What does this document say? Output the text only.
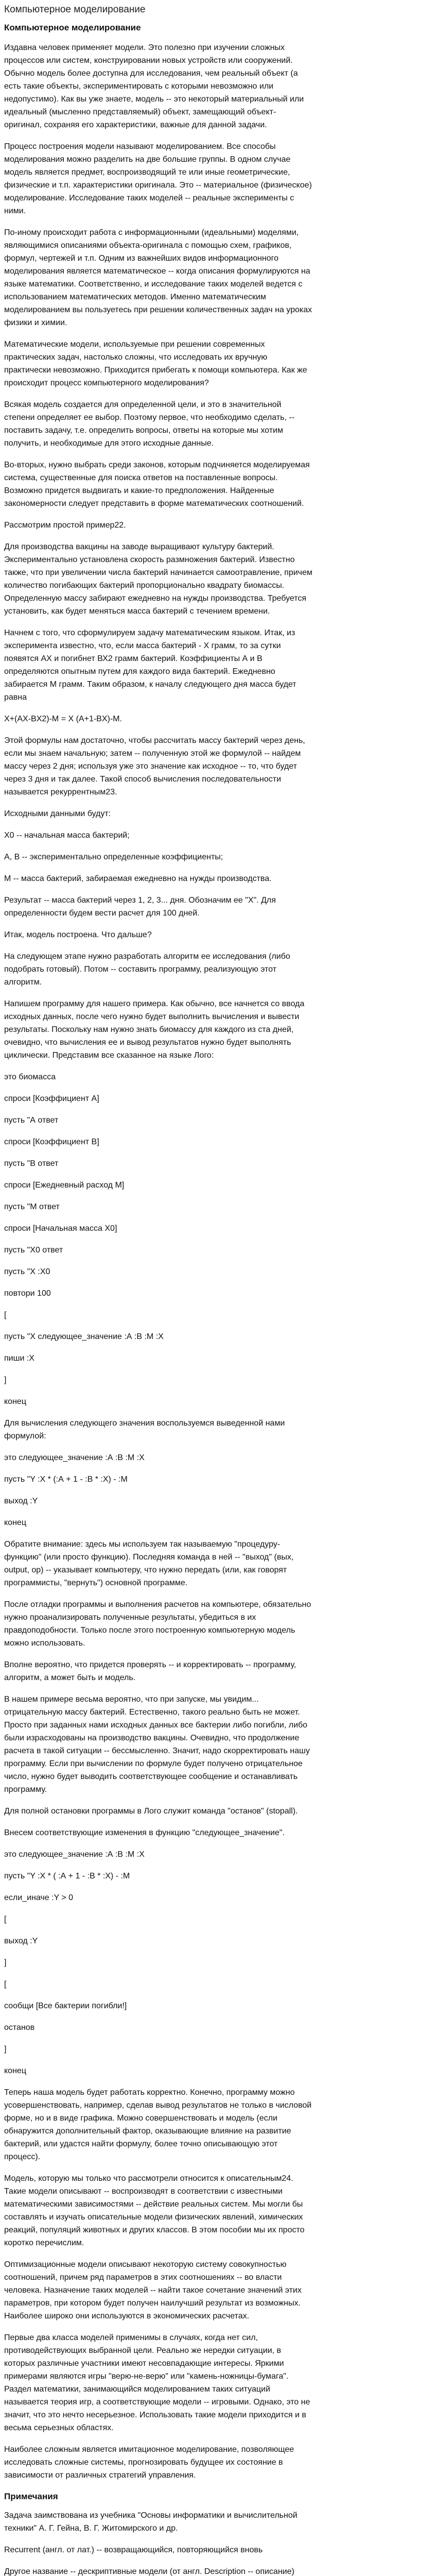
Компьютерное моделирование
Компьютерное моделирование

Издавна человек применяет модели. Это полезно при изучении сложных процессов или систем, конструировании новых устройств или сооружений. Обычно модель более доступна для исследования, чем реальный объект (а есть такие объекты, экспериментировать с которыми невозможно или недопустимо). Как вы уже знаете, модель -- это некоторый материальный или идеальный (мысленно представляемый) объект, замещающий объект-оригинал, сохраняя его характеристики, важные для данной задачи.

Процесс построения модели называют моделированием. Все способы моделирования можно разделить на две большие группы. В одном случае модель является предмет, воспроизводящий те или иные геометрические, физические и т.п. характеристики оригинала. Это -- материальное (физическое) моделирование. Исследование таких моделей -- реальные эксперименты с ними.

По-иному происходит работа с информационными (идеальными) моделями, являющимися описаниями объекта-оригинала с помощью схем, графиков, формул, чертежей и т.п. Одним из важнейших видов информационного моделирования является математическое -- когда описания формулируются на языке математики. Соответственно, и исследование таких моделей ведется с использованием математических методов. Именно математическим моделированием вы пользуетесь при решении количественных задач на уроках физики и химии.

Математические модели, используемые при решении современных практических задач, настолько сложны, что исследовать их вручную практически невозможно. Приходится прибегать к помощи компьютера. Как же происходит процесс компьютерного моделирования?

Всякая модель создается для определенной цели, и это в значительной степени определяет ее выбор. Поэтому первое, что необходимо сделать, -- поставить задачу, т.е. определить вопросы, ответы на которые мы хотим получить, и необходимые для этого исходные данные.

Во-вторых, нужно выбрать среди законов, которым подчиняется моделируемая система, существенные для поиска ответов на поставленные вопросы. Возможно придется выдвигать и какие-то предположения. Найденные закономерности следует представить в форме математических соотношений.

Рассмотрим простой пример22.

Для производства вакцины на заводе выращивают культуру бактерий. Экспериментально установлена скорость размножения бактерий. Известно также, что при увеличении числа бактерий начинается самоотравление, причем количество погибающих бактерий пропорционально квадрату биомассы. Определенную массу забирают ежедневно на нужды производства. Требуется установить, как будет меняться масса бактерий с течением времени.

Начнем с того, что сформулируем задачу математическим языком. Итак, из эксперимента известно, что, если масса бактерий - Х грамм, то за сутки появятся АХ и погибнет ВХ2 грамм бактерий. Коэффициенты А и В определяются опытным путем для каждого вида бактерий. Ежедневно забирается М грамм. Таким образом, к началу следующего дня масса будет равна

X+(AX-BX2)-M = X (A+1-BX)-M.

Этой формулы нам достаточно, чтобы рассчитать массу бактерий через день, если мы знаем начальную; затем -- полученную этой же формулой -- найдем массу через 2 дня; используя уже это значение как исходное -- то, что будет через 3 дня и так далее. Такой способ вычисления последовательности называется рекуррентным23.

Исходными данными будут:

X0 -- начальная масса бактерий;

А, В -- экспериментально определенные коэффициенты;

М -- масса бактерий, забираемая ежедневно на нужды производства.

Результат -- масса бактерий через 1, 2, 3... дня. Обозначим ее "X". Для определенности будем вести расчет для 100 дней.

Итак, модель построена. Что дальше?

На следующем этапе нужно разработать алгоритм ее исследования (либо подобрать готовый). Потом -- составить программу, реализующую этот алгоритм.

Напишем программу для нашего примера. Как обычно, все начнется со ввода исходных данных, после чего нужно будет выполнить вычисления и вывести результаты. Поскольку нам нужно знать биомассу для каждого из ста дней, очевидно, что вычисления ее и вывод результатов нужно будет выполнять циклически. Представим все сказанное на языке Лого:

это биомасса

спроси [Коэффициент А]

пусть "А ответ

спроси [Коэффициент В]

пусть "В ответ

спроси [Ежедневный расход М]

пусть "М ответ

спроси [Начальная масса Х0]

пусть "Х0 ответ

пусть "Х :Х0

повтори 100

[

пусть "Х следующее_значение :А :В :М :Х

пиши :Х

]

конец

Для вычисления следующего значения воспользуемся выведенной нами формулой:

это следующее_значение :А :В :М :Х

пусть "Y :Х * (:А + 1 - :В * :Х) - :М

выход :Y

конец

Обратите внимание: здесь мы используем так называемую "процедуру-функцию" (или просто функцию). Последняя команда в ней -- "выход" (вых, output, op) -- указывает компьютеру, что нужно передать (или, как говорят программисты, "вернуть") основной программе.

После отладки программы и выполнения расчетов на компьютере, обязательно нужно проанализировать полученные результаты, убедиться в их правдоподобности. Только после этого построенную компьютерную модель можно использовать.

Вполне вероятно, что придется проверять -- и корректировать -- программу, алгоритм, а может быть и модель.

В нашем примере весьма вероятно, что при запуске, мы увидим... отрицательную массу бактерий. Естественно, такого реально быть не может. Просто при заданных нами исходных данных все бактерии либо погибли, либо были израсходованы на производство вакцины. Очевидно, что продолжение расчета в такой ситуации -- бессмысленно. Значит, надо скорректировать нашу программу. Если при вычислении по формуле будет получено отрицательное число, нужно будет выводить соответствующее сообщение и останавливать программу.

Для полной остановки программы в Лого служит команда "останов" (stopall).

Внесем соответствующие изменения в функцию "следующее_значение".

это следующее_значение :А :В :М :Х

пусть "Y :Х * ( :А + 1 - :В * :Х) - :М

если_иначе :Y > 0

[

выход :Y

]

[

сообщи [Все бактерии погибли!]

останов

]

конец

Теперь наша модель будет работать корректно. Конечно, программу можно усовершенствовать, например, сделав вывод результатов не только в числовой форме, но и в виде графика. Можно совершенствовать и модель (если обнаружится дополнительный фактор, оказывающие влияние на развитие бактерий, или удастся найти формулу, более точно описывающую этот процесс).

Модель, которую мы только что рассмотрели относится к описательным24. Такие модели описывают -- воспроизводят в соответствии с известными математическими зависимостями -- действие реальных систем. Мы могли бы составлять и изучать описательные модели физических явлений, химических реакций, популяций животных и других классов. В этом пособии мы их просто коротко перечислим.

Оптимизационные модели описывают некоторую систему совокупностью соотношений, причем ряд параметров в этих соотношениях -- во власти человека. Назначение таких моделей -- найти такое сочетание значений этих параметров, при котором будет получен наилучший результат из возможных. Наиболее широко они используются в экономических расчетах.

Первые два класса моделей применимы в случаях, когда нет сил, противодействующих выбранной цели. Реально же нередки ситуации, в которых различные участники имеют несовпадающие интересы. Яркими примерами являются игры "верю-не-верю" или "камень-ножницы-бумага". Раздел математики, занимающийся моделированием таких ситуаций называется теория игр, а соответствующие модели -- игровыми. Однако, это не значит, что это нечто несерьезное. Использовать такие модели приходится и в весьма серьезных областях.

Наиболее сложным является имитационное моделирование, позволяющее исследовать сложные системы, прогнозировать будущее их состояние в зависимости от различных стратегий управления.

Примечания

Задача заимствована из учебника "Основы информатики и вычислительной техники" А. Г. Гейна, В. Г. Житомирского и др.

Recurrent (англ. от лат.) -- возвращающийся, повторяющийся вновь

Другое название -- дескриптивные модели (от англ. Description -- описание)
